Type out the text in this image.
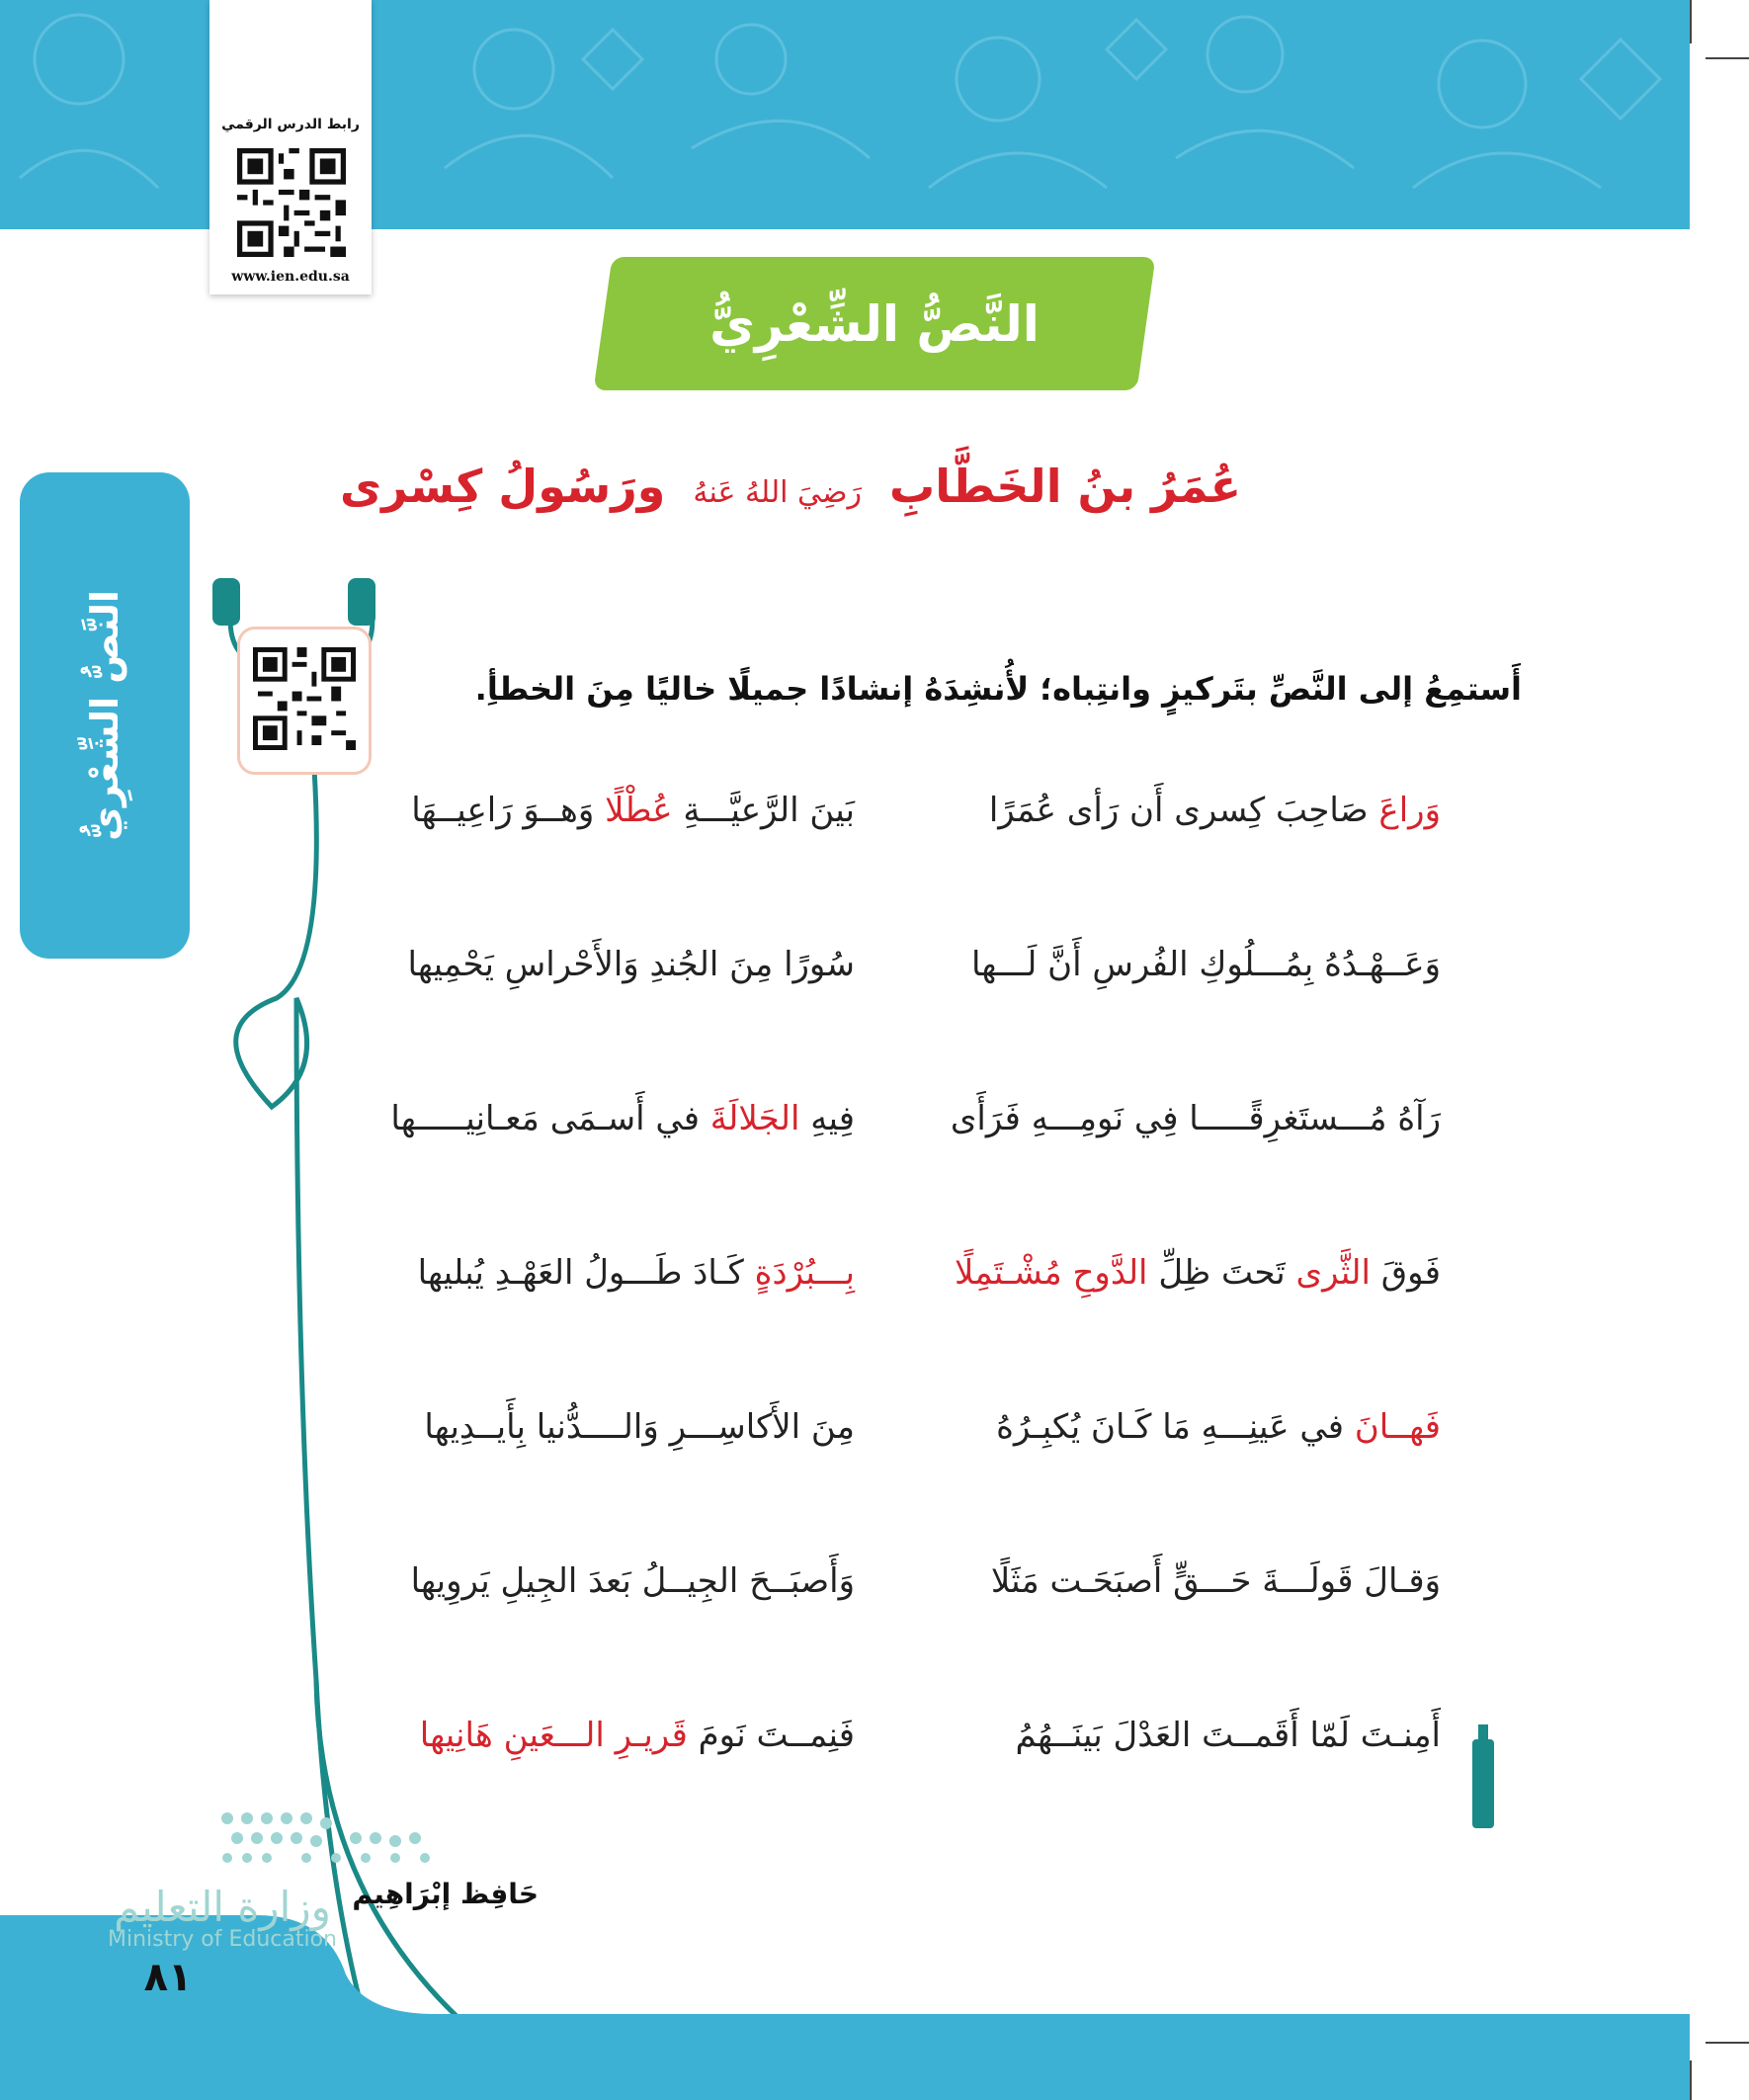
رابط الدرس الرقمي
www.ien.edu.sa
النَّصُّ الشِّعْرِيُّ
النَّصُّ الشِّعْرِيُّ
عُمَرُ بنُ الخَطَّابِ رَضِيَ اللهُ عَنهُ ورَسُولُ كِسْرى
أَستمِعُ إلى النَّصِّ بتَركيزٍ وانتِباه؛ لأُنشِدَهُ إنشادًا جميلًا خاليًا مِنَ الخطأِ.
وَراعَ صَاحِبَ كِسرى أَن رَأى عُمَرًا
بَينَ الرَّعيَّـــةِ عُطْلًا وَهــوَ رَاعِيــهَا
وَعَــهْـدُهُ بِمُـــلُوكِ الفُرسِ أَنَّ لَـــها
سُورًا مِنَ الجُندِ وَالأَحْراسِ يَحْمِيها
رَآهُ مُـــستَغرِقًـــــا فِي نَومِـــهِ فَرَأَى
فِيهِ الجَلالَةَ في أَسـمَى مَعـانِيـــــها
فَوقَ الثَّرى تَحتَ ظِلِّ الدَّوحِ مُشْـتَمِلًا
بِـــبُرْدَةٍ كَـادَ طَـــولُ العَهْـدِ يُبليها
فَهــانَ في عَينِـــهِ مَا كَـانَ يُكبِـرُهُ
مِنَ الأَكاسِـــرِ وَالــــدُّنيا بِأَيــدِيها
وَقـالَ قَولَـــةَ حَـــقٍّ أَصبَحَـت مَثَلًا
وَأَصبَــحَ الجِيــلُ بَعدَ الجِيلِ يَروِيها
أَمِنـتَ لَمّا أَقَمــتَ العَدْلَ بَينَــهُمُ
فَنِمــتَ نَومَ قَريـرِ الـــعَينِ هَانِيها
حَافِظ إبْرَاهِيم
وزارة التعليم
Ministry of Education
٨١
